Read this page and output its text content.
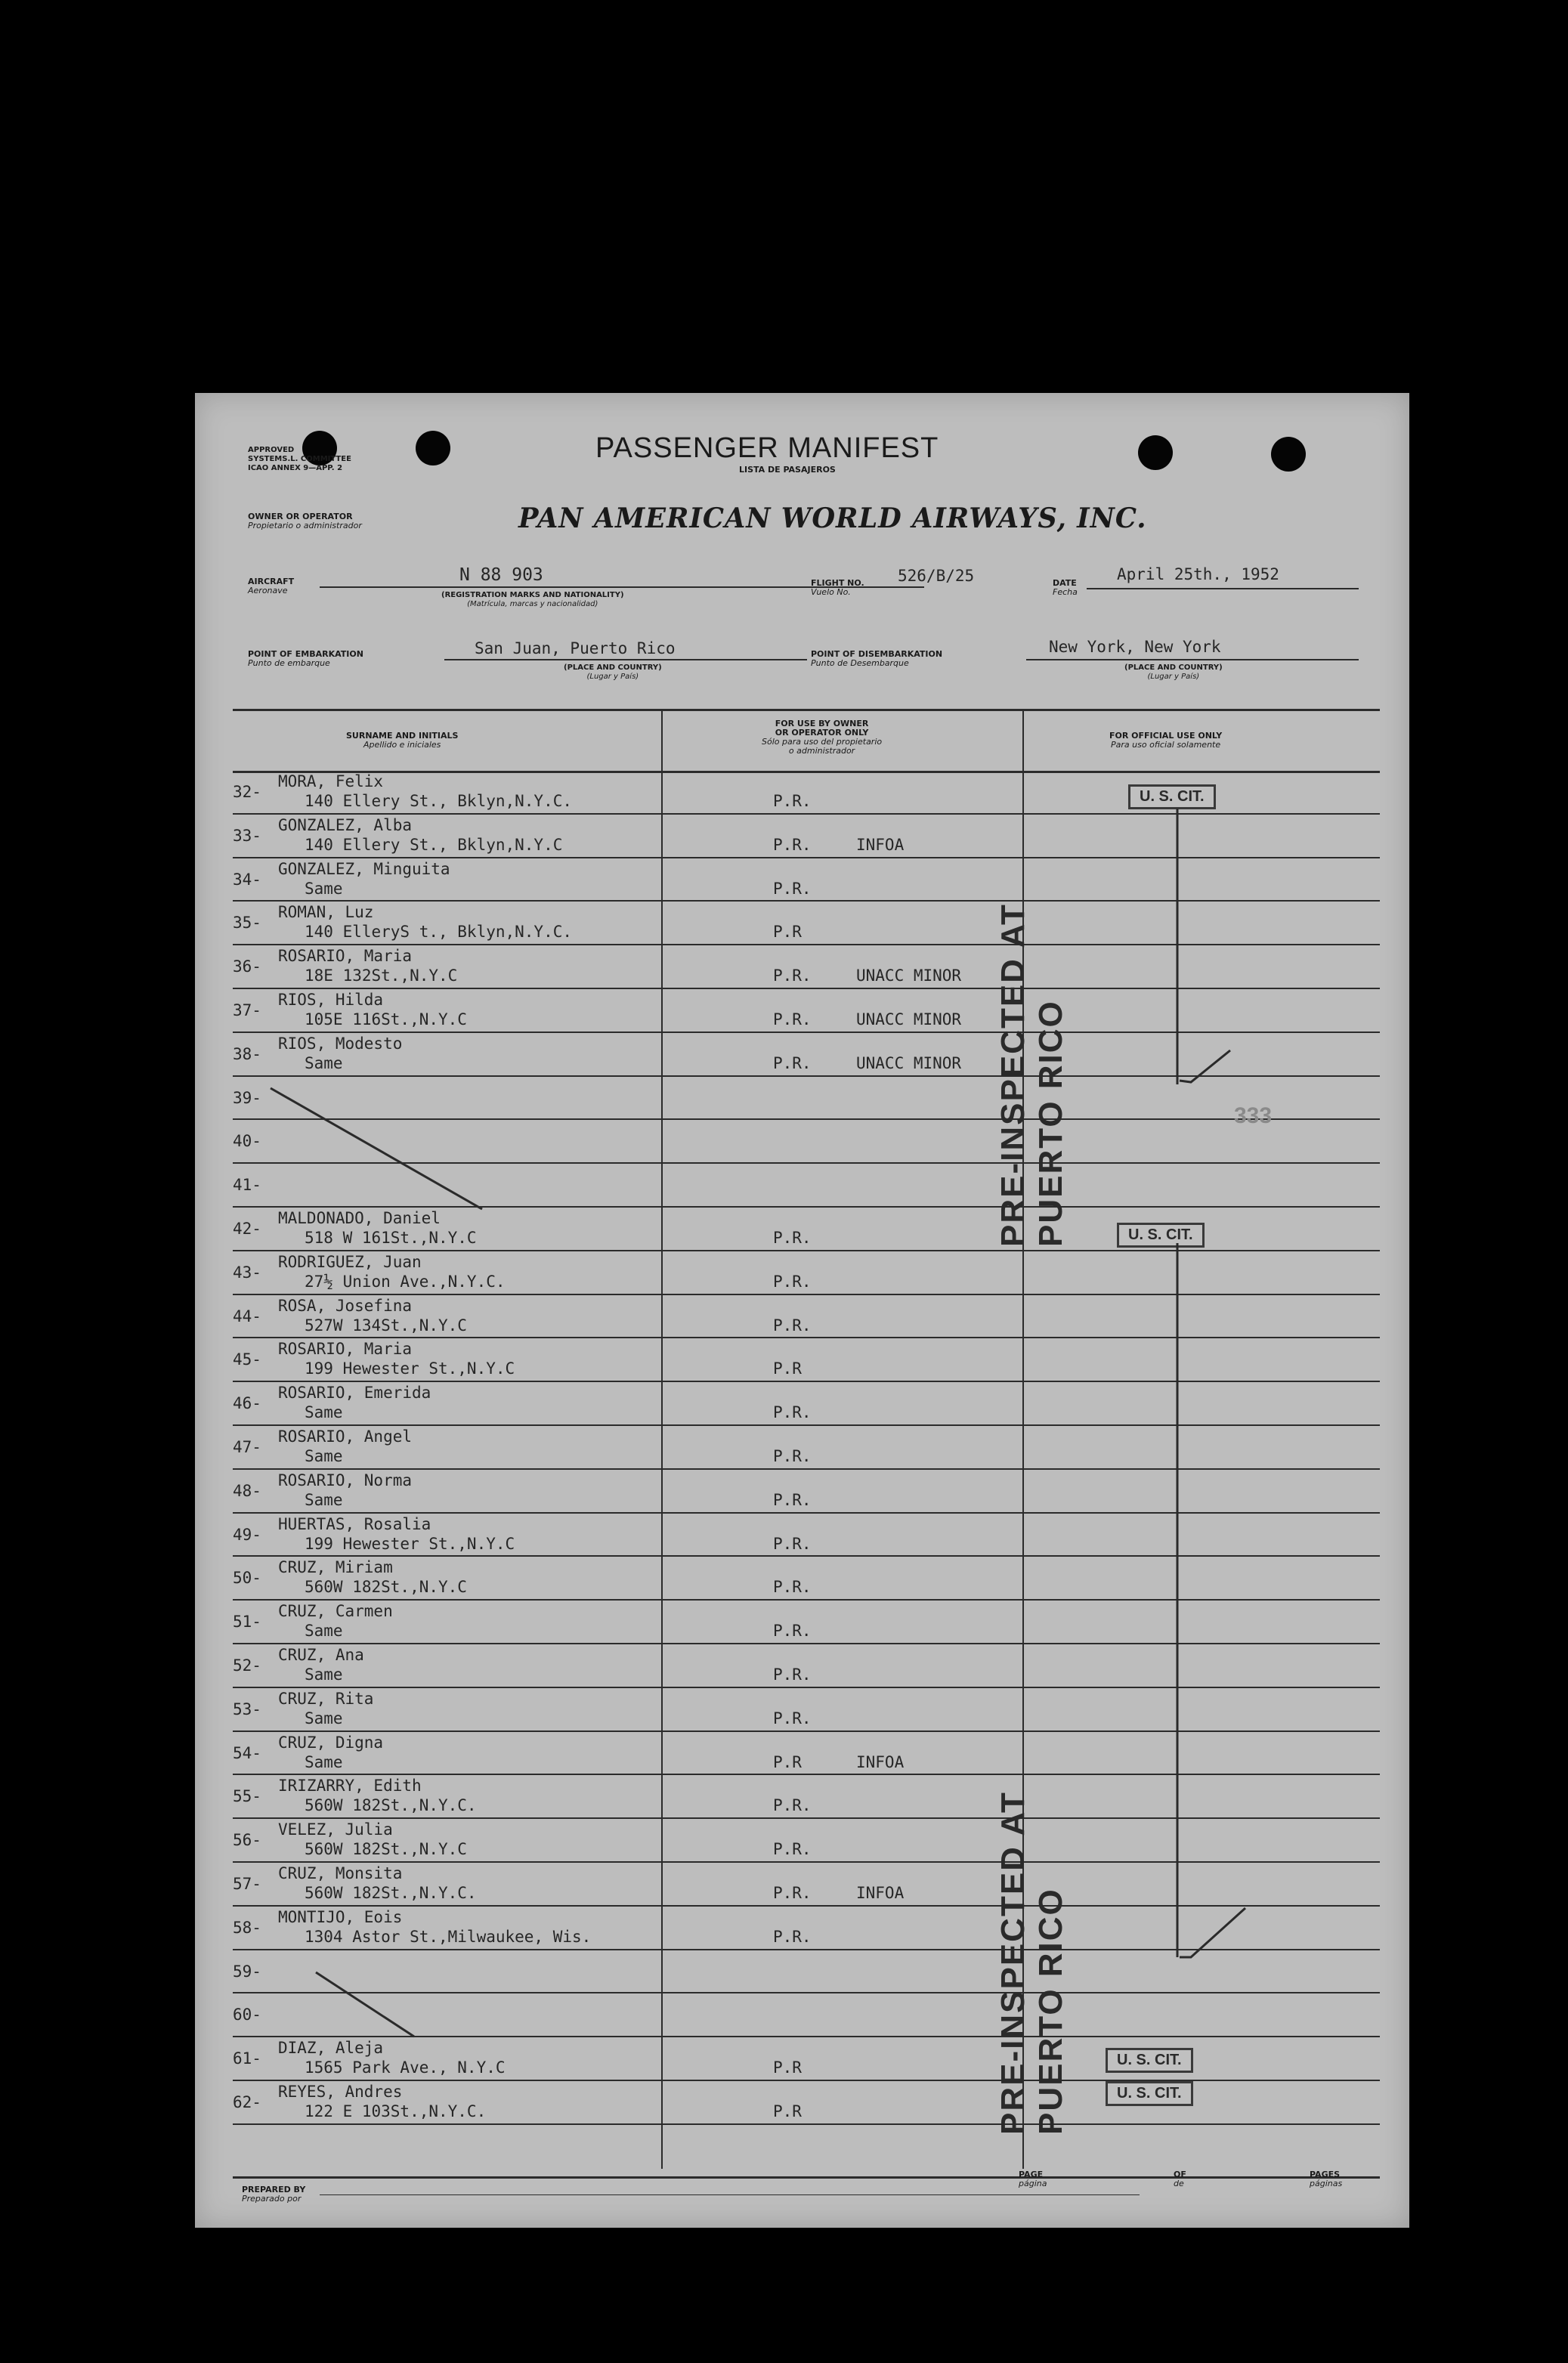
APPROVED
SYSTEMS.L. COMMITTEE
ICAO ANNEX 9—APP. 2
PASSENGER MANIFEST
LISTA DE PASAJEROS
OWNER OR OPERATOR
Propietario o administrador	PAN AMERICAN WORLD AIRWAYS, INC.
AIRCRAFT
Aeronave
N 88 903
(REGISTRATION MARKS AND NATIONALITY)
(Matrícula, marcas y nacionalidad)
FLIGHT NO.
Vuelo No.
526/B/25	DATE
Fecha
April 25th., 1952
POINT OF EMBARKATION
Punto de embarque
San Juan, Puerto Rico
(PLACE AND COUNTRY)
(Lugar y País)
POINT OF DISEMBARKATION
Punto de Desembarque
New York, New York
(PLACE AND COUNTRY)
(Lugar y País)
SURNAME AND INITIALS
Apellido e iniciales
FOR USE BY OWNER
OR OPERATOR ONLY
Sólo para uso del propietario
o administrador
FOR OFFICIAL USE ONLY
Para uso oficial solamente
32-
MORA, Felix
140 Ellery St., Bklyn,N.Y.C.	P.R.
33-
GONZALEZ, Alba
140 Ellery St., Bklyn,N.Y.C	P.R.	INFOA
34-
GONZALEZ, Minguita
Same	P.R.
35-
ROMAN, Luz
140 ElleryS t., Bklyn,N.Y.C.	P.R
36-
ROSARIO, Maria
18E 132St.,N.Y.C	P.R.	UNACC MINOR
37-
RIOS, Hilda
105E 116St.,N.Y.C	P.R.	UNACC MINOR
38-
RIOS, Modesto
Same	P.R.	UNACC MINOR
39-
40-
41-
42-
MALDONADO, Daniel
518 W 161St.,N.Y.C	P.R.
43-
RODRIGUEZ, Juan
27½ Union Ave.,N.Y.C.	P.R.
44-
ROSA, Josefina
527W 134St.,N.Y.C	P.R.
45-
ROSARIO, Maria
199 Hewester St.,N.Y.C	P.R
46-
ROSARIO, Emerida
Same	P.R.
47-
ROSARIO, Angel
Same	P.R.
48-
ROSARIO, Norma
Same	P.R.
49-
HUERTAS, Rosalia
199 Hewester St.,N.Y.C	P.R.
50-
CRUZ, Miriam
560W 182St.,N.Y.C	P.R.
51-
CRUZ, Carmen
Same	P.R.
52-
CRUZ, Ana
Same	P.R.
53-
CRUZ, Rita
Same	P.R.
54-
CRUZ, Digna
Same	P.R	INFOA
55-
IRIZARRY, Edith
560W 182St.,N.Y.C.	P.R.
56-
VELEZ, Julia
560W 182St.,N.Y.C	P.R.
57-
CRUZ, Monsita
560W 182St.,N.Y.C.	P.R.	INFOA
58-
MONTIJO, Eois
1304 Astor St.,Milwaukee, Wis.	P.R.
59-
60-
61-
DIAZ, Aleja
1565 Park Ave., N.Y.C	P.R
62-
REYES, Andres
122 E 103St.,N.Y.C.	P.R
PRE-INSPECTED AT PUERTO RICO
PRE-INSPECTED AT PUERTO RICO
U. S. CIT.
U. S. CIT.
U. S. CIT.
U. S. CIT.
333
PREPARED BY
Preparado por
PAGE
página
OF
de
PAGES
páginas
